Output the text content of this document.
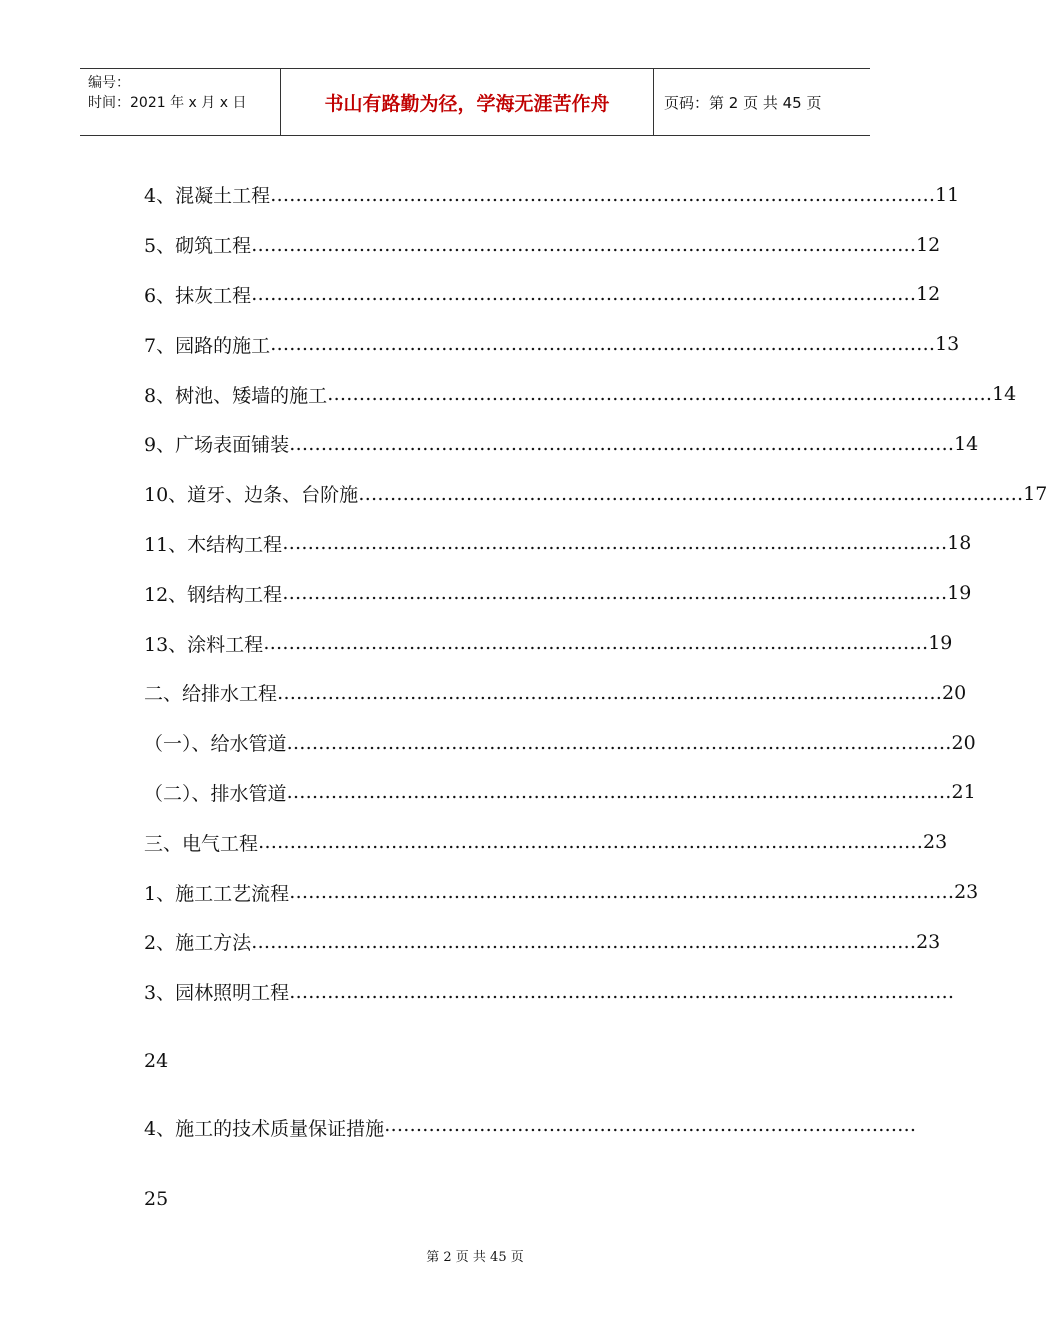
编号：
时间：2021 年 x 月 x 日	书山有路勤为径，学海无涯苦作舟	页码：第 2 页 共 45 页
4、混凝土工程 …………………………………………………………………………………………… 11
5、砌筑工程 …………………………………………………………………………………………… 12
6、抹灰工程 …………………………………………………………………………………………… 12
7、园路的施工 …………………………………………………………………………………………… 13
8、树池、矮墙的施工 …………………………………………………………………………………………… 14
9、广场表面铺装 …………………………………………………………………………………………… 14
10、道牙、边条、台阶施 …………………………………………………………………………………………… 17
11、木结构工程 …………………………………………………………………………………………… 18
12、钢结构工程 …………………………………………………………………………………………… 19
13、涂料工程 …………………………………………………………………………………………… 19
二、给排水工程 …………………………………………………………………………………………… 20
（一）、给水管道 …………………………………………………………………………………………… 20
（二）、排水管道 …………………………………………………………………………………………… 21
三、电气工程 …………………………………………………………………………………………… 23
1、施工工艺流程 …………………………………………………………………………………………… 23
2、施工方法 …………………………………………………………………………………………… 23
3、园林照明工程 ……………………………………………………………………………………………
24
4、施工的技术质量保证措施 …………………………………………………………………………
25
第 2 页 共 45 页
